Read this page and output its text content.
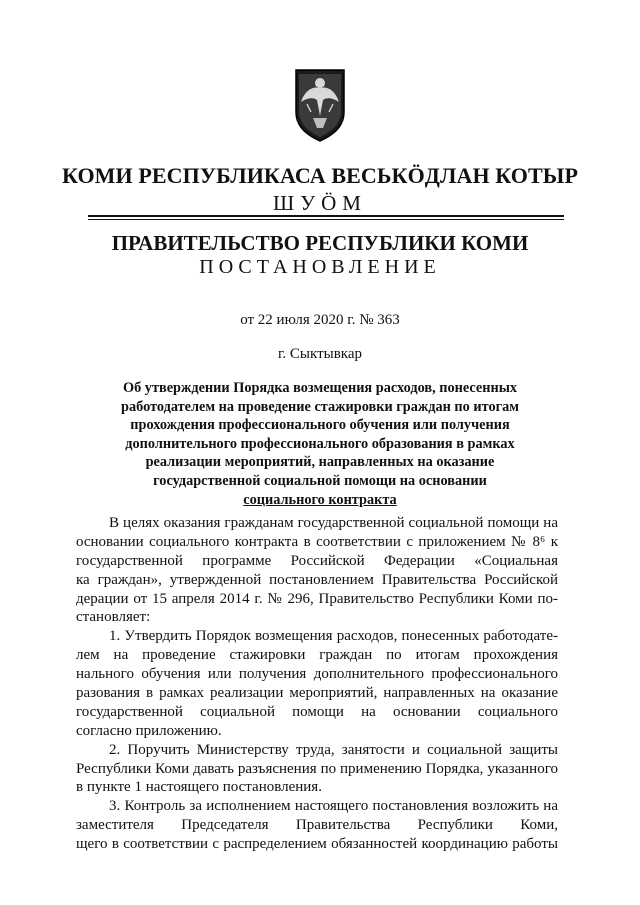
КОМИ РЕСПУБЛИКАСА ВЕСЬКӦДЛАН КОТЫР
ШУӦМ
ПРАВИТЕЛЬСТВО РЕСПУБЛИКИ КОМИ
ПОСТАНОВЛЕНИЕ
от 22 июля 2020 г. № 363
г. Сыктывкар
Об утверждении Порядка возмещения расходов, понесенных
работодателем на проведение стажировки граждан по итогам
прохождения профессионального обучения или получения
дополнительного профессионального образования в рамках
реализации мероприятий, направленных на оказание
государственной социальной помощи на основании
социального контракта
В целях оказания гражданам государственной социальной помощи на
основании социального контракта в соответствии с приложением № 8⁶ к
государственной программе Российской Федерации «Социальная
ка граждан», утвержденной постановлением Правительства Российской
дерации от 15 апреля 2014 г. № 296, Правительство Республики Коми по-
становляет:
1. Утвердить Порядок возмещения расходов, понесенных работодате-
лем на проведение стажировки граждан по итогам прохождения
нального обучения или получения дополнительного профессионального
разования в рамках реализации мероприятий, направленных на оказание
государственной социальной помощи на основании социального
согласно приложению.
2. Поручить Министерству труда, занятости и социальной защиты
Республики Коми давать разъяснения по применению Порядка, указанного
в пункте 1 настоящего постановления.
3. Контроль за исполнением настоящего постановления возложить на
заместителя Председателя Правительства Республики Коми,
щего в соответствии с распределением обязанностей координацию работы
